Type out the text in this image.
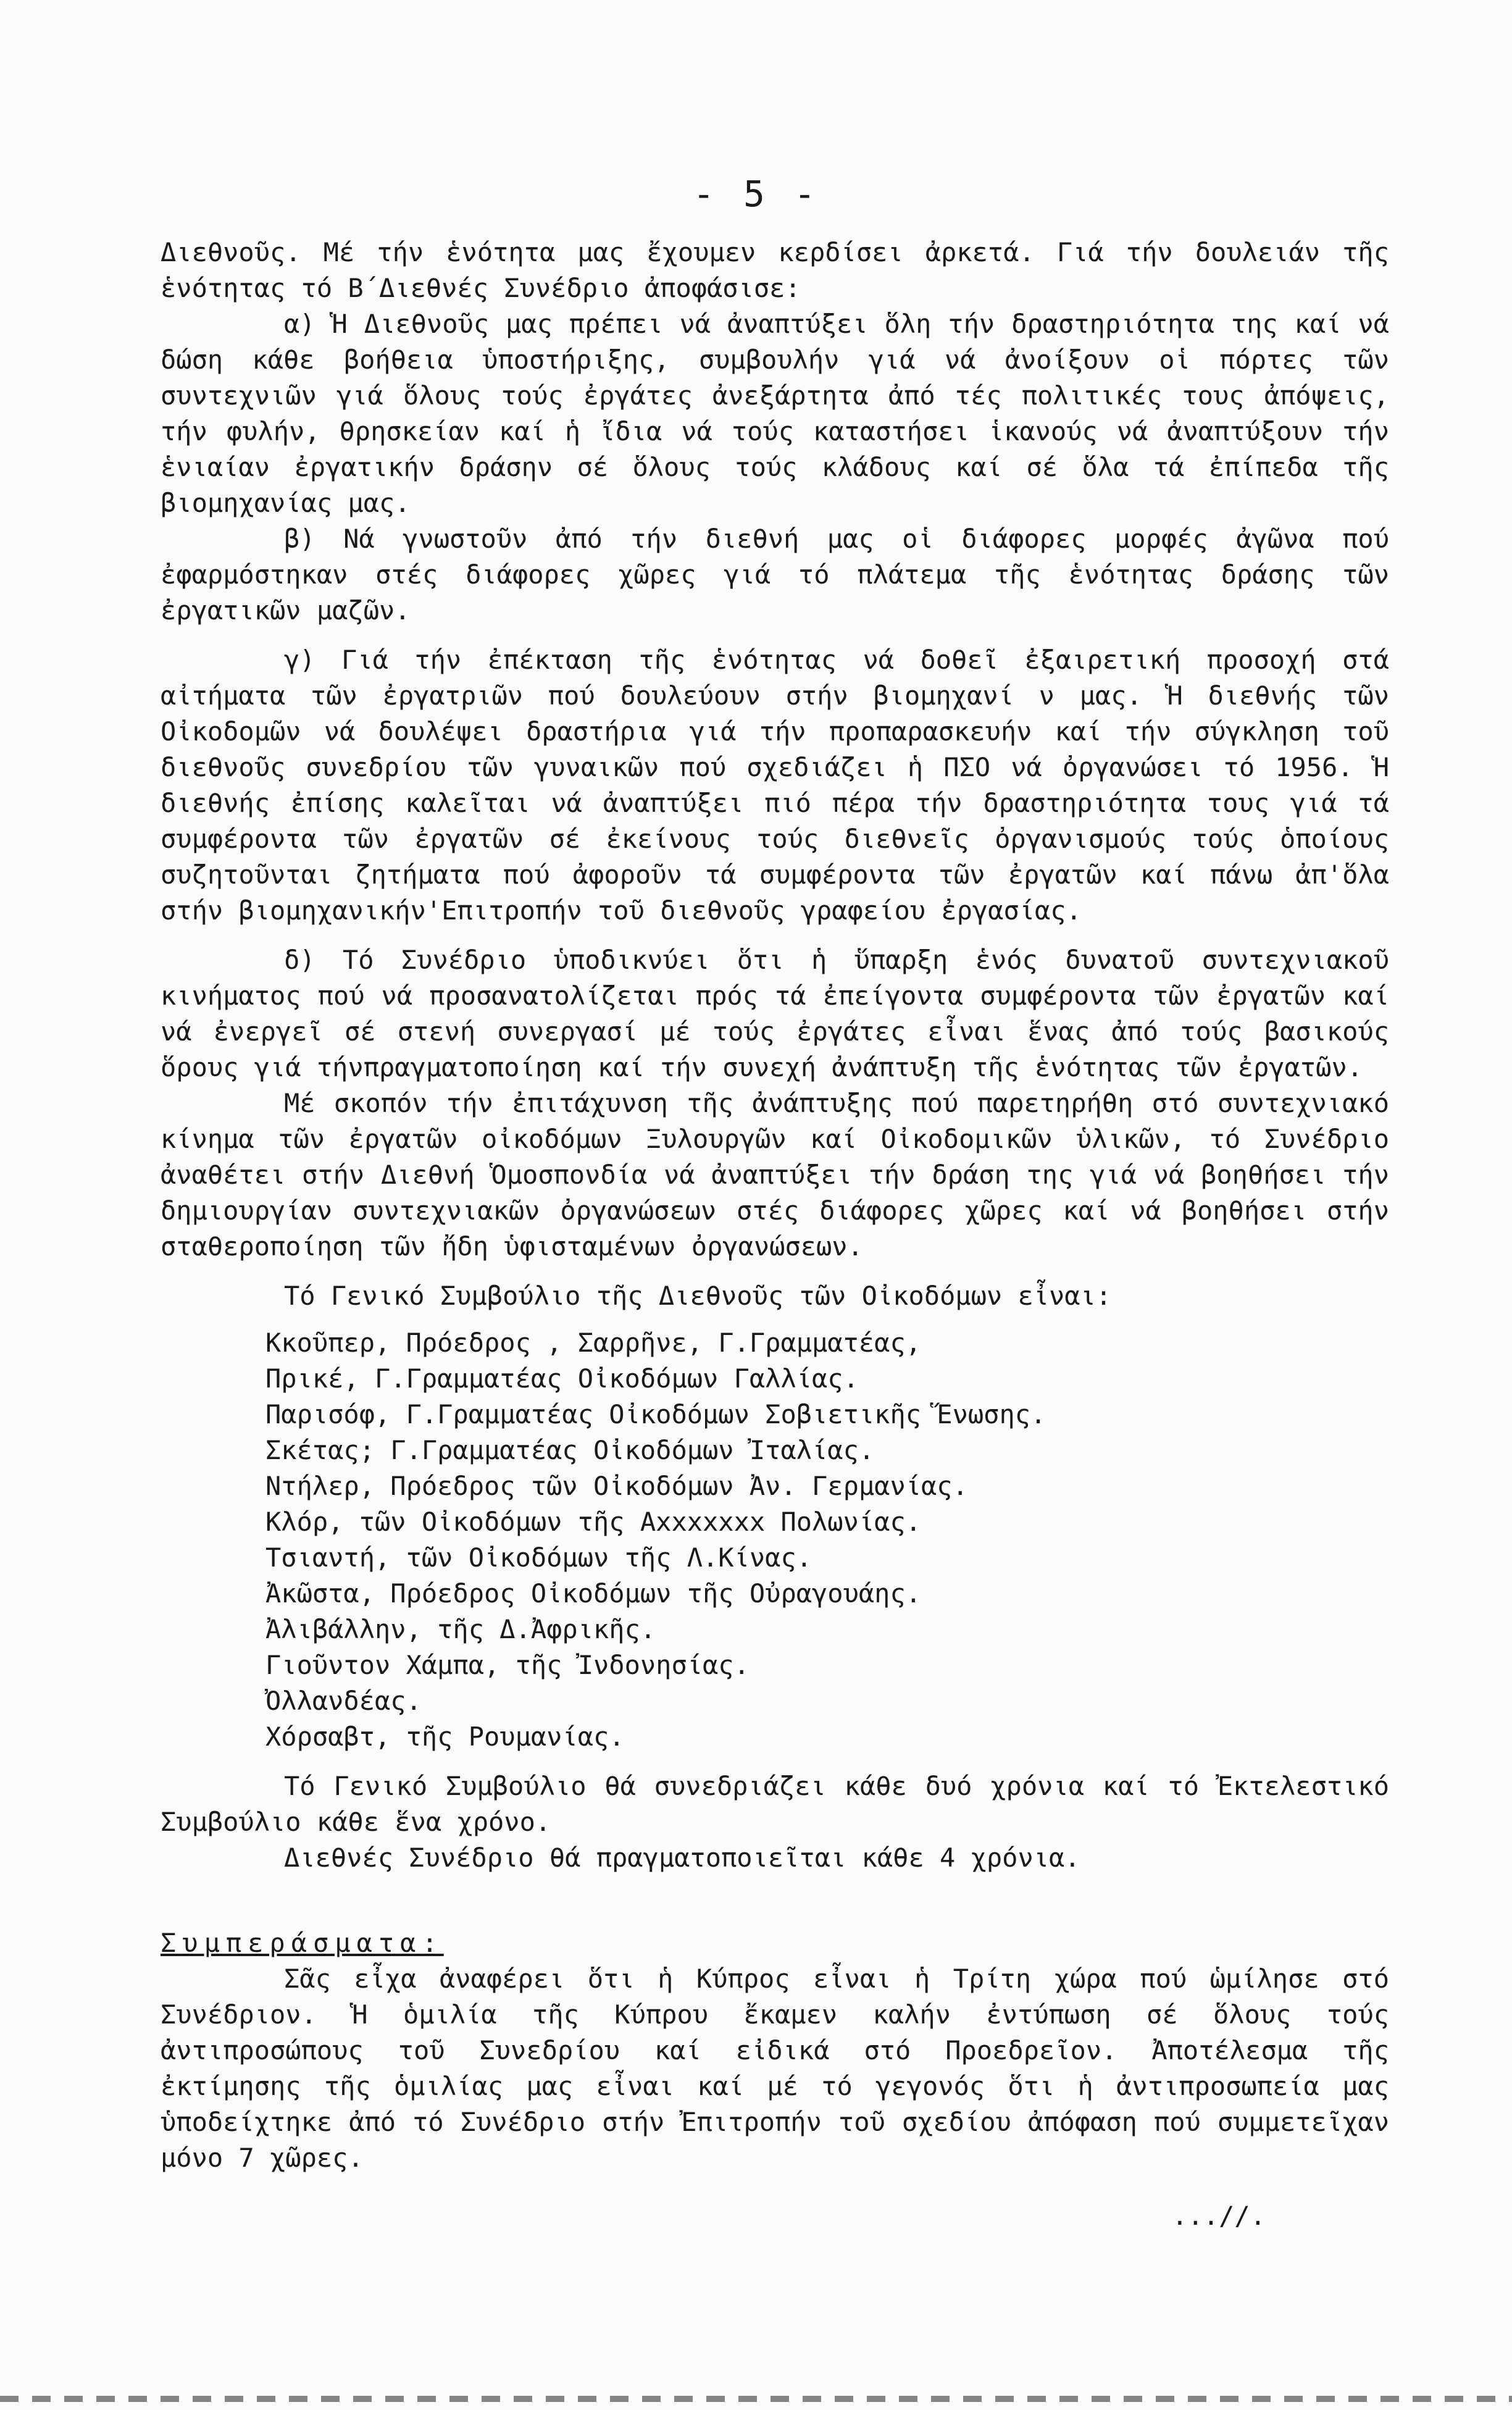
- 5 -

Διεθνοῦς. Μέ τήν ἑνότητα μας ἔχουμεν κερδίσει ἀρκετά. Γιά τήν δουλειάν τῆς ἑνότητας τό Β΄Διεθνές Συνέδριο ἀποφάσισε:

α) Ἡ Διεθνοῦς μας πρέπει νά ἀναπτύξει ὅλη τήν δραστηριότητα της καί νά δώση κάθε βοήθεια ὑποστήριξης, συμβουλήν γιά νά ἀνοίξουν οἱ πόρτες τῶν συντεχνιῶν γιά ὅλους τούς ἐργάτες ἀνεξάρτητα ἀπό τές πολιτικές τους ἀπόψεις, τήν φυλήν, θρησκείαν καί ἡ ἴδια νά τούς καταστήσει ἱκανούς νά ἀναπτύξουν τήν ἑνιαίαν ἐργατικήν δράσην σέ ὅλους τούς κλάδους καί σέ ὅλα τά ἐπίπεδα τῆς βιομηχανίας μας.

β) Νά γνωστοῦν ἀπό τήν διεθνή μας οἱ διάφορες μορφές ἀγῶνα πού ἐφαρμόστηκαν στές διάφορες χῶρες γιά τό πλάτεμα τῆς ἑνότητας δράσης τῶν ἐργατικῶν μαζῶν.

γ) Γιά τήν ἐπέκταση τῆς ἑνότητας νά δοθεῖ ἐξαιρετική προσοχή στά αἰτήματα τῶν ἐργατριῶν πού δουλεύουν στήν βιομηχανί ν μας. Ἡ διεθνής τῶν Οἰκοδομῶν νά δουλέψει δραστήρια γιά τήν προπαρασκευήν καί τήν σύγκληση τοῦ διεθνοῦς συνεδρίου τῶν γυναικῶν πού σχεδιάζει ἡ ΠΣΟ νά ὀργανώσει τό 1956. Ἡ διεθνής ἐπίσης καλεῖται νά ἀναπτύξει πιό πέρα τήν δραστηριότητα τους γιά τά συμφέροντα τῶν ἐργατῶν σέ ἐκείνους τούς διεθνεῖς ὀργανισμούς τούς ὁποίους συζητοῦνται ζητήματα πού ἀφοροῦν τά συμφέροντα τῶν ἐργατῶν καί πάνω ἀπ'ὅλα στήν βιομηχανικήν'Επιτροπήν τοῦ διεθνοῦς γραφείου ἐργασίας.

δ) Τό Συνέδριο ὑποδικνύει ὅτι ἡ ὕπαρξη ἑνός δυνατοῦ συντεχνιακοῦ κινήματος πού νά προσανατολίζεται πρός τά ἐπείγοντα συμφέροντα τῶν ἐργατῶν καί νά ἐνεργεῖ σέ στενή συνεργασί μέ τούς ἐργάτες εἶναι ἕνας ἀπό τούς βασικούς ὅρους γιά τήνπραγματοποίηση καί τήν συνεχή ἀνάπτυξη τῆς ἑνότητας τῶν ἐργατῶν.

Μέ σκοπόν τήν ἐπιτάχυνση τῆς ἀνάπτυξης πού παρετηρήθη στό συντεχνιακό κίνημα τῶν ἐργατῶν οἰκοδόμων Ξυλουργῶν καί Οἰκοδομικῶν ὑλικῶν, τό Συνέδριο ἀναθέτει στήν Διεθνή Ὁμοσπονδία νά ἀναπτύξει τήν δράση της γιά νά βοηθήσει τήν δημιουργίαν συντεχνιακῶν ὀργανώσεων στές διάφορες χῶρες καί νά βοηθήσει στήν σταθεροποίηση τῶν ἤδη ὑφισταμένων ὀργανώσεων.

Τό Γενικό Συμβούλιο τῆς Διεθνοῦς τῶν Οἰκοδόμων εἶναι:

Κκοῦπερ, Πρόεδρος , Σαρρῆνε, Γ.Γραμματέας,
Πρικέ, Γ.Γραμματέας Οἰκοδόμων Γαλλίας.
Παρισόφ, Γ.Γραμματέας Οἰκοδόμων Σοβιετικῆς Ἕνωσης.
Σκέτας; Γ.Γραμματέας Οἰκοδόμων Ἰταλίας.
Ντήλερ, Πρόεδρος τῶν Οἰκοδόμων Ἀν. Γερμανίας.
Κλόρ, τῶν Οἰκοδόμων τῆς Αxxxxxxx Πολωνίας.
Τσιαντή, τῶν Οἰκοδόμων τῆς Λ.Κίνας.
Ἀκῶστα, Πρόεδρος Οἰκοδόμων τῆς Οὐραγουάης.
Ἀλιβάλλην, τῆς Δ.Ἀφρικῆς.
Γιοῦντον Χάμπα, τῆς Ἰνδονησίας.
Ὀλλανδέας.
Χόρσαβτ, τῆς Ρουμανίας.

Τό Γενικό Συμβούλιο θά συνεδριάζει κάθε δυό χρόνια καί τό Ἐκτελεστικό Συμβούλιο κάθε ἕνα χρόνο.

Διεθνές Συνέδριο θά πραγματοποιεῖται κάθε 4 χρόνια.

Συμπεράσματα:

Σᾶς εἶχα ἀναφέρει ὅτι ἡ Κύπρος εἶναι ἡ Τρίτη χώρα πού ὡμίλησε στό Συνέδριον. Ἡ ὁμιλία τῆς Κύπρου ἔκαμεν καλήν ἐντύπωση σέ ὅλους τούς ἀντιπροσώπους τοῦ Συνεδρίου καί εἰδικά στό Προεδρεῖον. Ἀποτέλεσμα τῆς ἐκτίμησης τῆς ὁμιλίας μας εἶναι καί μέ τό γεγονός ὅτι ἡ ἀντιπροσωπεία μας ὑποδείχτηκε ἀπό τό Συνέδριο στήν Ἐπιτροπήν τοῦ σχεδίου ἀπόφαση πού συμμετεῖχαν μόνο 7 χῶρες.

...//.
